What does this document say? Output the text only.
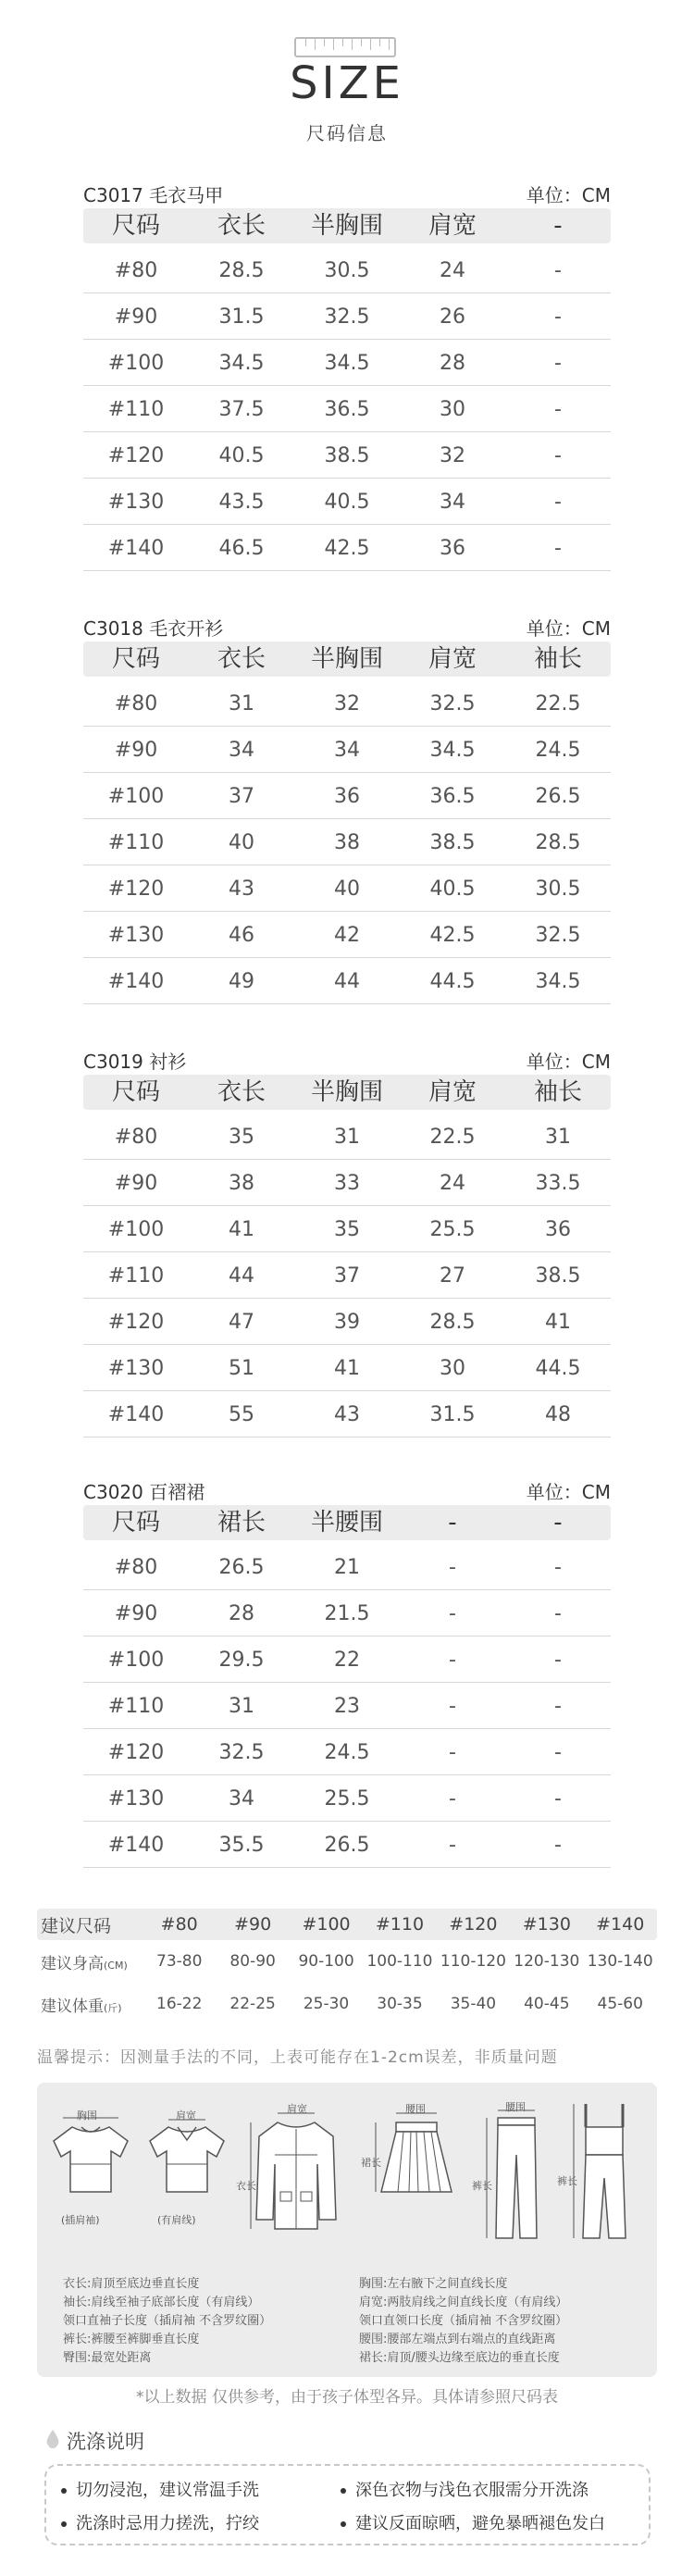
SIZE
尺码信息
C3017 毛衣马甲	单位：CM
尺码	衣长	半胸围	肩宽	-
#80	28.5	30.5	24	-
#90	31.5	32.5	26	-
#100	34.5	34.5	28	-
#110	37.5	36.5	30	-
#120	40.5	38.5	32	-
#130	43.5	40.5	34	-
#140	46.5	42.5	36	-
C3018 毛衣开衫	单位：CM
尺码	衣长	半胸围	肩宽	袖长
#80	31	32	32.5	22.5
#90	34	34	34.5	24.5
#100	37	36	36.5	26.5
#110	40	38	38.5	28.5
#120	43	40	40.5	30.5
#130	46	42	42.5	32.5
#140	49	44	44.5	34.5
C3019 衬衫	单位：CM
尺码	衣长	半胸围	肩宽	袖长
#80	35	31	22.5	31
#90	38	33	24	33.5
#100	41	35	25.5	36
#110	44	37	27	38.5
#120	47	39	28.5	41
#130	51	41	30	44.5
#140	55	43	31.5	48
C3020 百褶裙	单位：CM
尺码	裙长	半腰围	-	-
#80	26.5	21	-	-
#90	28	21.5	-	-
#100	29.5	22	-	-
#110	31	23	-	-
#120	32.5	24.5	-	-
#130	34	25.5	-	-
#140	35.5	26.5	-	-
建议尺码	#80	#90	#100	#110	#120	#130	#140
建议身高(CM)	73-80	80-90	90-100 100-110 110-120 120-130 130-140
建议体重(斤)	16-22	22-25	25-30	30-35	35-40	40-45	45-60
温馨提示：因测量手法的不同，上表可能存在1-2cm误差，非质量问题
胸围
(插肩袖)
肩宽
(有肩线)
肩宽
衣长
腰围
裙长
腰围
裤长	裤长
衣长:肩顶至底边垂直长度
袖长:肩线至袖子底部长度（有肩线）
领口直袖子长度（插肩袖 不含罗纹圈）
裤长:裤腰至裤脚垂直长度
臀围:最宽处距离
胸围:左右腋下之间直线长度
肩宽:两肢肩线之间直线长度（有肩线）
领口直领口长度（插肩袖 不含罗纹圈）
腰围:腰部左端点到右端点的直线距离
裙长:肩顶/腰头边缘至底边的垂直长度
*以上数据 仅供参考，由于孩子体型各异。具体请参照尺码表
洗涤说明
切勿浸泡，建议常温手洗	深色衣物与浅色衣服需分开洗涤
洗涤时忌用力搓洗，拧绞	建议反面晾晒，避免暴晒褪色发白
